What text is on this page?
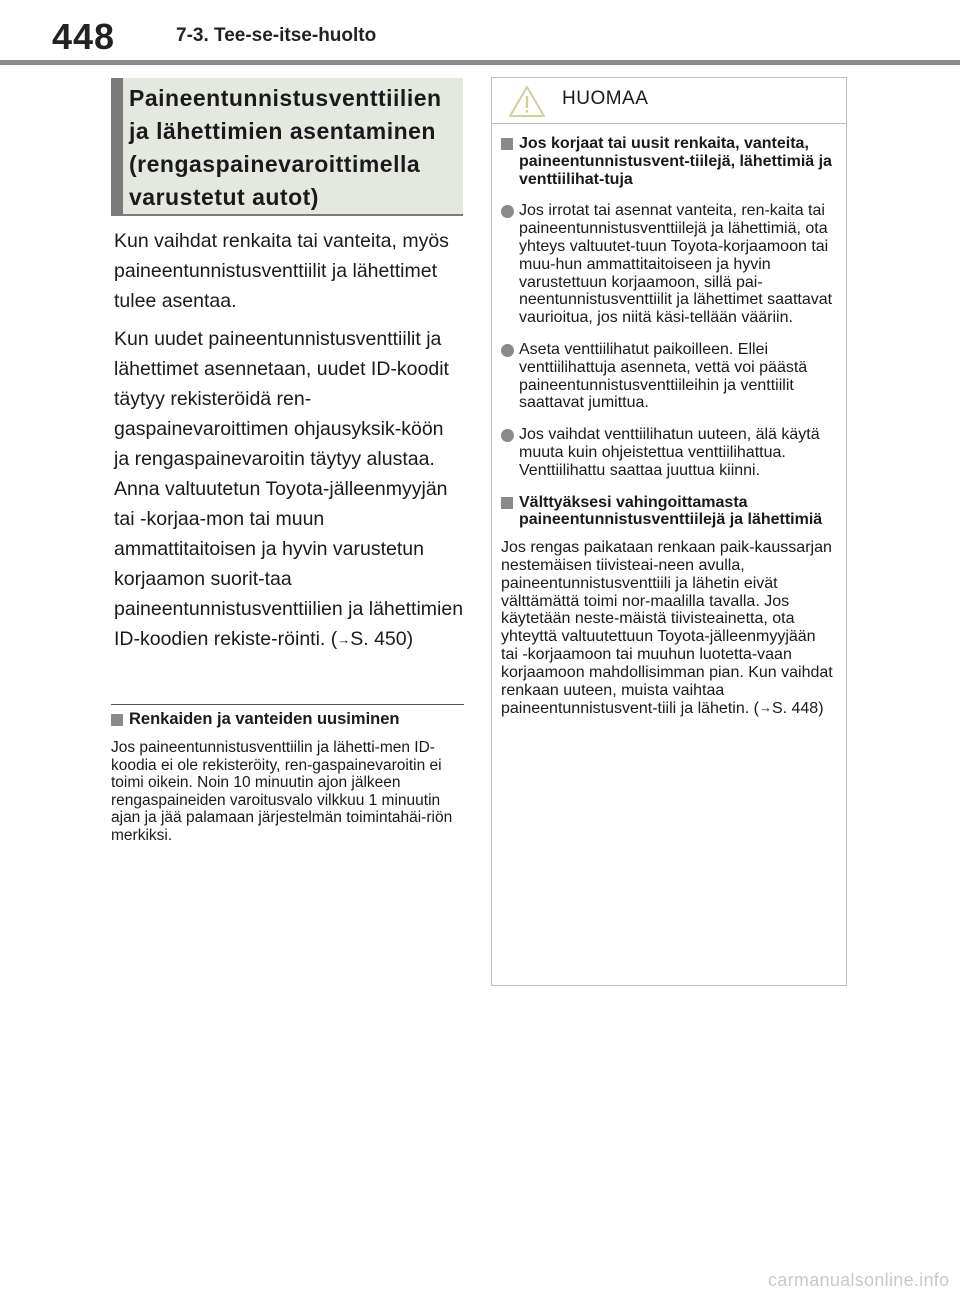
448	7-3. Tee-se-itse-huolto
Paineentunnistusventtiilien ja lähettimien asentaminen (rengaspainevaroittimella varustetut autot)

Kun vaihdat renkaita tai vanteita, myös paineentunnistusventtiilit ja lähettimet tulee asentaa.

Kun uudet paineentunnistusventtiilit ja lähettimet asennetaan, uudet ID-koodit täytyy rekisteröidä ren-gaspainevaroittimen ohjausyksik-köön ja rengaspainevaroitin täytyy alustaa. Anna valtuutetun Toyota-jälleenmyyjän tai -korjaa-mon tai muun ammattitaitoisen ja hyvin varustetun korjaamon suorit-taa paineentunnistusventtiilien ja lähettimien ID-koodien rekiste-röinti. (→S. 450)

Renkaiden ja vanteiden uusiminen

Jos paineentunnistusventtiilin ja lähetti-men ID-koodia ei ole rekisteröity, ren-gaspainevaroitin ei toimi oikein. Noin 10 minuutin ajon jälkeen rengaspaineiden varoitusvalo vilkkuu 1 minuutin ajan ja jää palamaan järjestelmän toimintahäi-riön merkiksi.

HUOMAA
Jos korjaat tai uusit renkaita, vanteita, paineentunnistusvent-tiilejä, lähettimiä ja venttiilihat-tuja
Jos irrotat tai asennat vanteita, ren-kaita tai paineentunnistusventtiilejä ja lähettimiä, ota yhteys valtuutet-tuun Toyota-korjaamoon tai muu-hun ammattitaitoiseen ja hyvin varustettuun korjaamoon, sillä pai-neentunnistusventtiilit ja lähettimet saattavat vaurioitua, jos niitä käsi-tellään vääriin.
Aseta venttiilihatut paikoilleen. Ellei venttiilihattuja asenneta, vettä voi päästä paineentunnistusventtiileihin ja venttiilit saattavat jumittua.
Jos vaihdat venttiilihatun uuteen, älä käytä muuta kuin ohjeistettua venttiilihattua. Venttiilihattu saattaa juuttua kiinni.
Välttyäksesi vahingoittamasta paineentunnistusventtiilejä ja lähettimiä

Jos rengas paikataan renkaan paik-kaussarjan nestemäisen tiivisteai-neen avulla, paineentunnistusventtiili ja lähetin eivät välttämättä toimi nor-maalilla tavalla. Jos käytetään neste-mäistä tiivisteainetta, ota yhteyttä valtuutettuun Toyota-jälleenmyyjään tai -korjaamoon tai muuhun luotetta-vaan korjaamoon mahdollisimman pian. Kun vaihdat renkaan uuteen, muista vaihtaa paineentunnistusvent-tiili ja lähetin. (→S. 448)

carmanualsonline.info
